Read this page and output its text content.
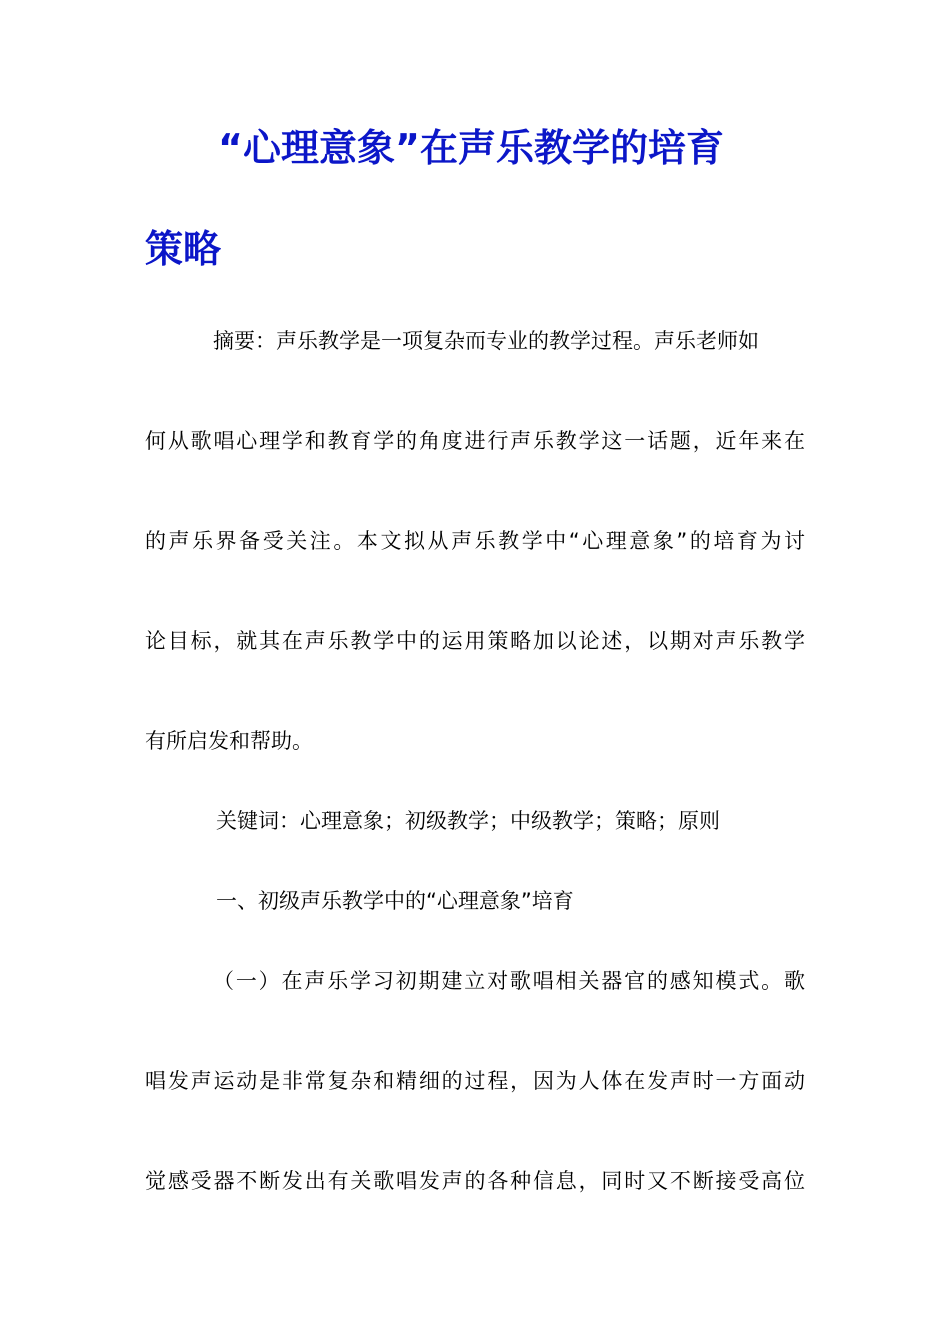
“心理意象”在声乐教学的培育
策略
摘要：声乐教学是一项复杂而专业的教学过程。声乐老师如
何从歌唱心理学和教育学的角度进行声乐教学这一话题，近年来在
的声乐界备受关注。本文拟从声乐教学中“心理意象”的培育为讨
论目标，就其在声乐教学中的运用策略加以论述，以期对声乐教学
有所启发和帮助。
关键词：心理意象；初级教学；中级教学；策略；原则
一、初级声乐教学中的“心理意象”培育
（一）在声乐学习初期建立对歌唱相关器官的感知模式。歌
唱发声运动是非常复杂和精细的过程，因为人体在发声时一方面动
觉感受器不断发出有关歌唱发声的各种信息，同时又不断接受高位
